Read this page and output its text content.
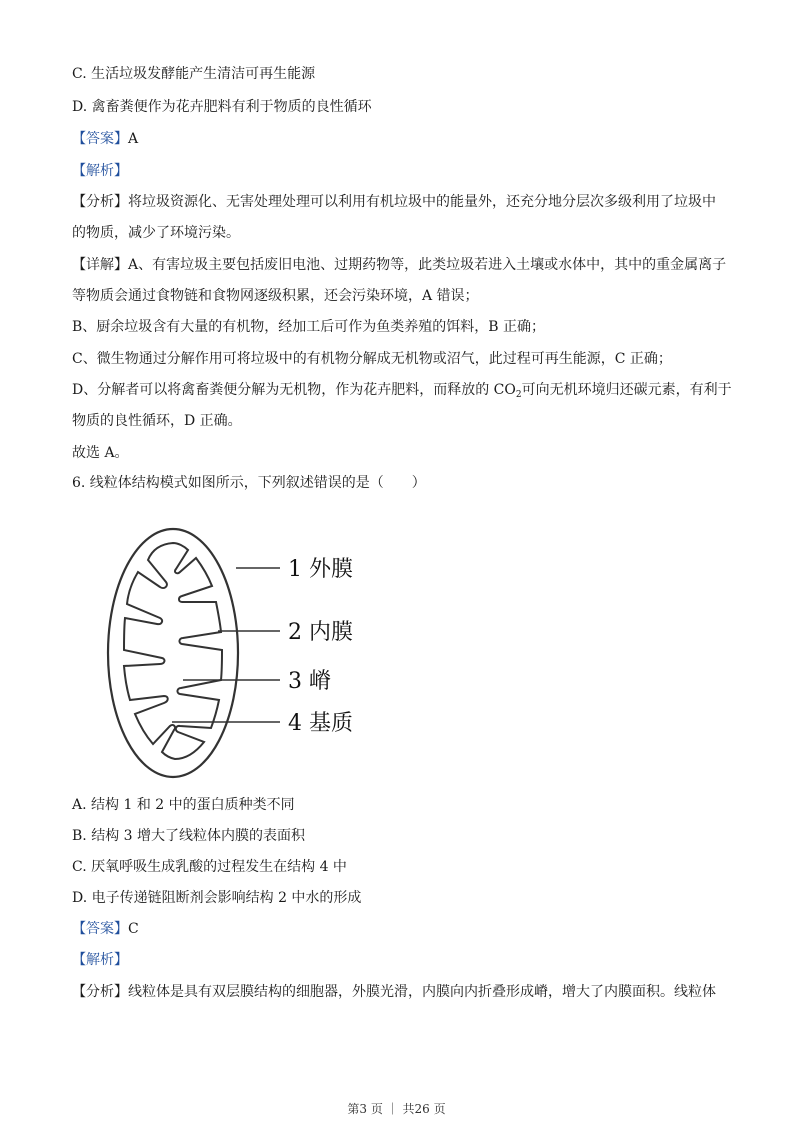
C. 生活垃圾发酵能产生清洁可再生能源
D. 禽畜粪便作为花卉肥料有利于物质的良性循环
【答案】A
【解析】
【分析】将垃圾资源化、无害处理处理可以利用有机垃圾中的能量外，还充分地分层次多级利用了垃圾中
的物质，减少了环境污染。
【详解】A、有害垃圾主要包括废旧电池、过期药物等，此类垃圾若进入土壤或水体中，其中的重金属离子
等物质会通过食物链和食物网逐级积累，还会污染环境，A 错误；
B、厨余垃圾含有大量的有机物，经加工后可作为鱼类养殖的饵料，B 正确；
C、微生物通过分解作用可将垃圾中的有机物分解成无机物或沼气，此过程可再生能源，C 正确；
D、分解者可以将禽畜粪便分解为无机物，作为花卉肥料，而释放的 $CO_2$可向无机环境归还碳元素，有利于
物质的良性循环，D 正确。
故选 A。
6. 线粒体结构模式如图所示，下列叙述错误的是（　　）
1 外膜
2 内膜
3 嵴
4 基质
A. 结构 1 和 2 中的蛋白质种类不同
B. 结构 3 增大了线粒体内膜的表面积
C. 厌氧呼吸生成乳酸的过程发生在结构 4 中
D. 电子传递链阻断剂会影响结构 2 中水的形成
【答案】C
【解析】
【分析】线粒体是具有双层膜结构的细胞器，外膜光滑，内膜向内折叠形成嵴，增大了内膜面积。线粒体
第3 页 ｜ 共26 页
